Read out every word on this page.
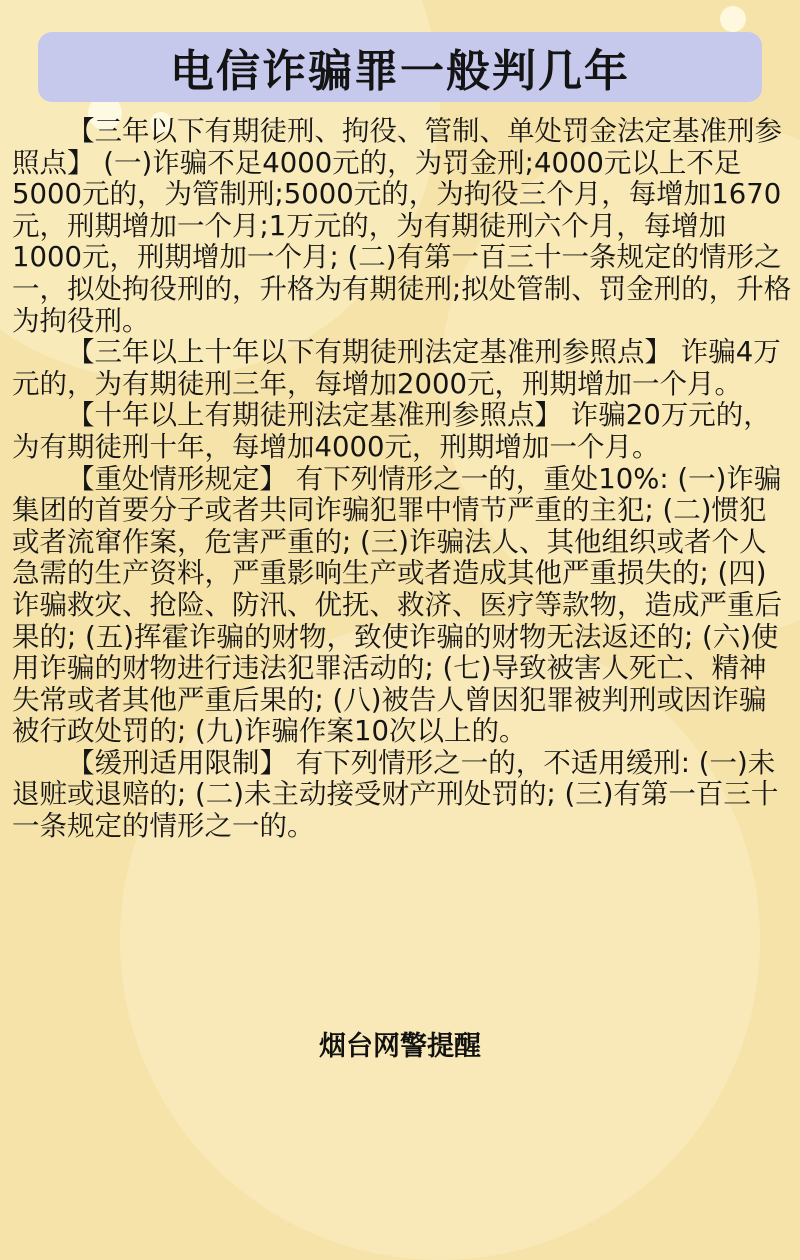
电信诈骗罪一般判几年

【三年以下有期徒刑、拘役、管制、单处罚金法定基准刑参照点】 (一)诈骗不足4000元的，为罚金刑;4000元以上不足5000元的，为管制刑;5000元的，为拘役三个月，每增加1670元，刑期增加一个月;1万元的，为有期徒刑六个月，每增加1000元，刑期增加一个月; (二)有第一百三十一条规定的情形之一，拟处拘役刑的，升格为有期徒刑;拟处管制、罚金刑的，升格为拘役刑。

【三年以上十年以下有期徒刑法定基准刑参照点】 诈骗4万元的，为有期徒刑三年，每增加2000元，刑期增加一个月。

【十年以上有期徒刑法定基准刑参照点】 诈骗20万元的，为有期徒刑十年，每增加4000元，刑期增加一个月。

【重处情形规定】 有下列情形之一的，重处10%: (一)诈骗集团的首要分子或者共同诈骗犯罪中情节严重的主犯; (二)惯犯或者流窜作案，危害严重的; (三)诈骗法人、其他组织或者个人急需的生产资料，严重影响生产或者造成其他严重损失的; (四)诈骗救灾、抢险、防汛、优抚、救济、医疗等款物，造成严重后果的; (五)挥霍诈骗的财物，致使诈骗的财物无法返还的; (六)使用诈骗的财物进行违法犯罪活动的; (七)导致被害人死亡、精神失常或者其他严重后果的; (八)被告人曾因犯罪被判刑或因诈骗被行政处罚的; (九)诈骗作案10次以上的。

【缓刑适用限制】 有下列情形之一的，不适用缓刑: (一)未退赃或退赔的; (二)未主动接受财产刑处罚的; (三)有第一百三十一条规定的情形之一的。

烟台网警提醒
